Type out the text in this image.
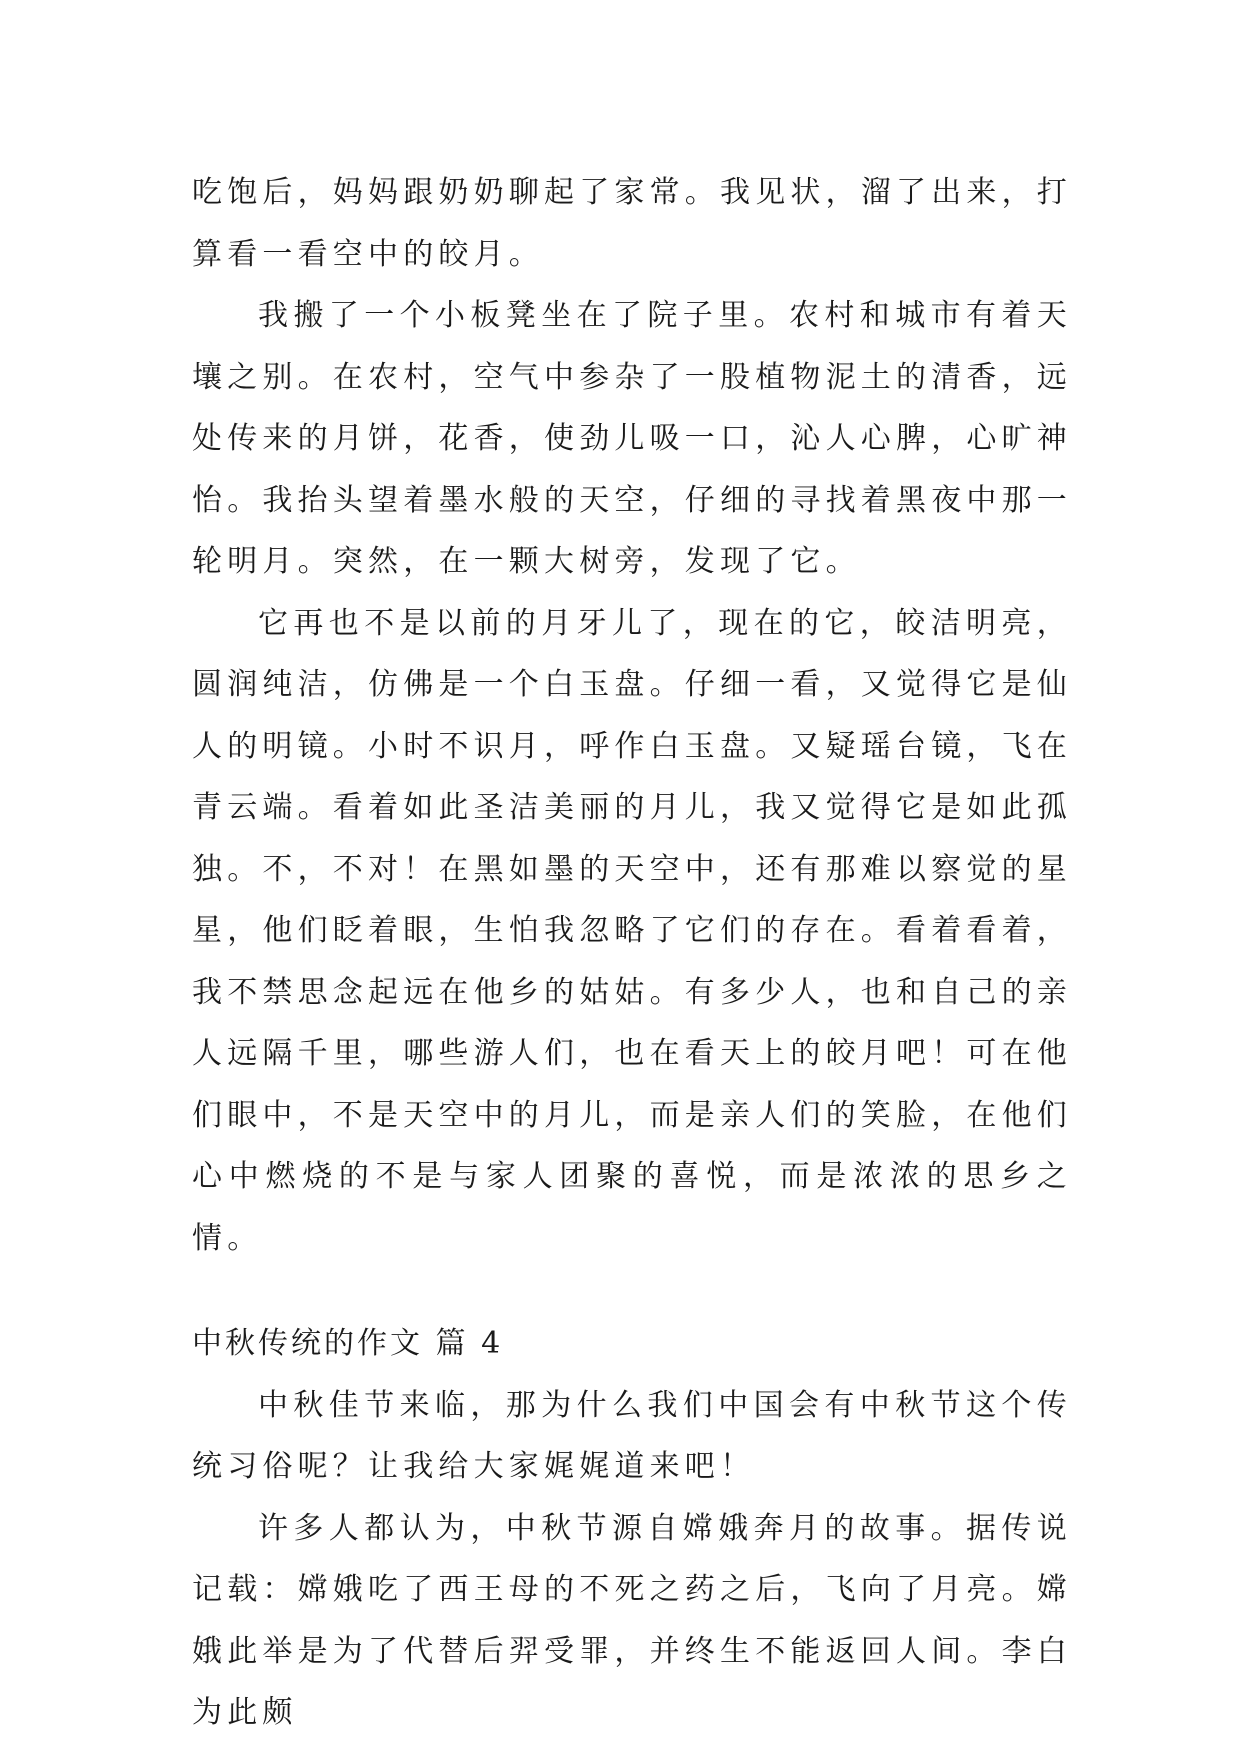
吃饱后，妈妈跟奶奶聊起了家常。我见状，溜了出来，打算看一看空中的皎月。

我搬了一个小板凳坐在了院子里。农村和城市有着天壤之别。在农村，空气中参杂了一股植物泥土的清香，远处传来的月饼，花香，使劲儿吸一口，沁人心脾，心旷神怡。我抬头望着墨水般的天空，仔细的寻找着黑夜中那一轮明月。突然，在一颗大树旁，发现了它。

它再也不是以前的月牙儿了，现在的它，皎洁明亮，圆润纯洁，仿佛是一个白玉盘。仔细一看，又觉得它是仙人的明镜。小时不识月，呼作白玉盘。又疑瑶台镜，飞在青云端。看着如此圣洁美丽的月儿，我又觉得它是如此孤独。不，不对！在黑如墨的天空中，还有那难以察觉的星星，他们眨着眼，生怕我忽略了它们的存在。看着看着，我不禁思念起远在他乡的姑姑。有多少人，也和自己的亲人远隔千里，哪些游人们，也在看天上的皎月吧！可在他们眼中，不是天空中的月儿，而是亲人们的笑脸，在他们心中燃烧的不是与家人团聚的喜悦，而是浓浓的思乡之情。

中秋传统的作文 篇 4

中秋佳节来临，那为什么我们中国会有中秋节这个传统习俗呢？让我给大家娓娓道来吧！

许多人都认为，中秋节源自嫦娥奔月的故事。据传说记载：嫦娥吃了西王母的不死之药之后，飞向了月亮。嫦娥此举是为了代替后羿受罪，并终生不能返回人间。李白为此颇
